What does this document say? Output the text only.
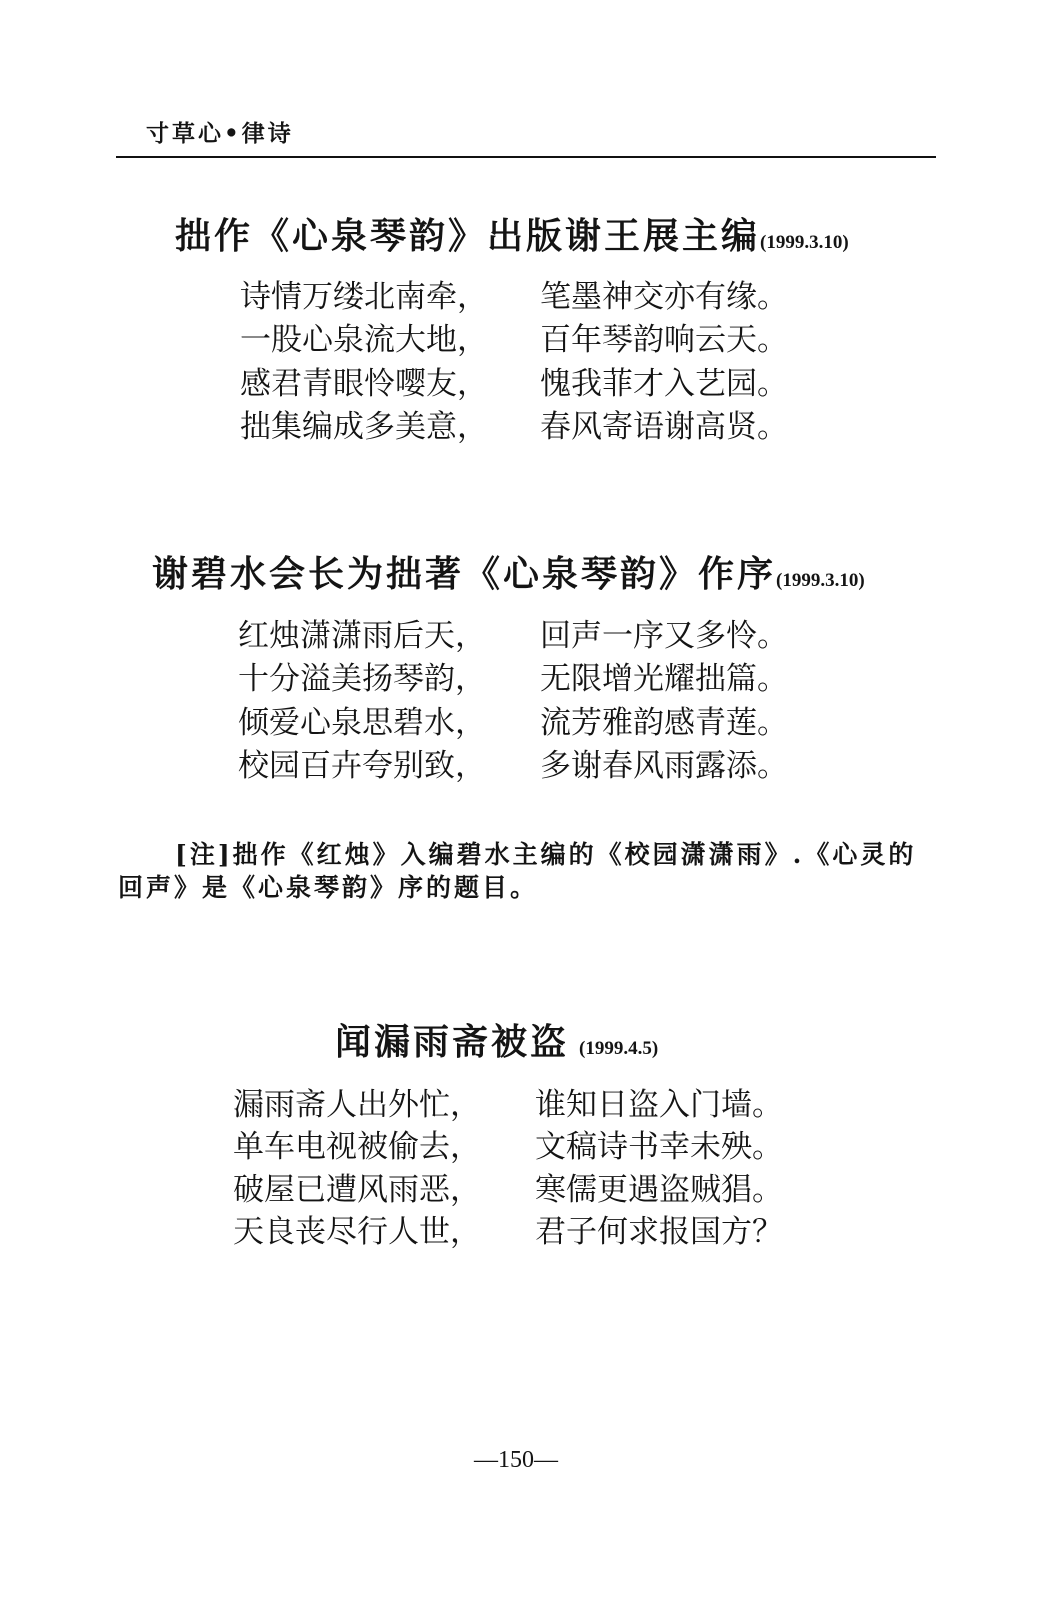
寸草心•律诗
拙作《心泉琴韵》出版谢王展主编(1999.3.10)
诗情万缕北南牵， 笔墨神交亦有缘。
一股心泉流大地， 百年琴韵响云天。
感君青眼怜嘤友， 愧我菲才入艺园。
拙集编成多美意， 春风寄语谢高贤。
谢碧水会长为拙著《心泉琴韵》作序(1999.3.10)
红烛潇潇雨后天， 回声一序又多怜。
十分溢美扬琴韵， 无限增光耀拙篇。
倾爱心泉思碧水， 流芳雅韵感青莲。
校园百卉夸别致， 多谢春风雨露添。
[注]拙作《红烛》入编碧水主编的《校园潇潇雨》.《心灵的
回声》是《心泉琴韵》序的题目。
闻漏雨斋被盗 (1999.4.5)
漏雨斋人出外忙， 谁知日盗入门墙。
单车电视被偷去， 文稿诗书幸未殃。
破屋已遭风雨恶， 寒儒更遇盗贼猖。
天良丧尽行人世， 君子何求报国方？
—150—
